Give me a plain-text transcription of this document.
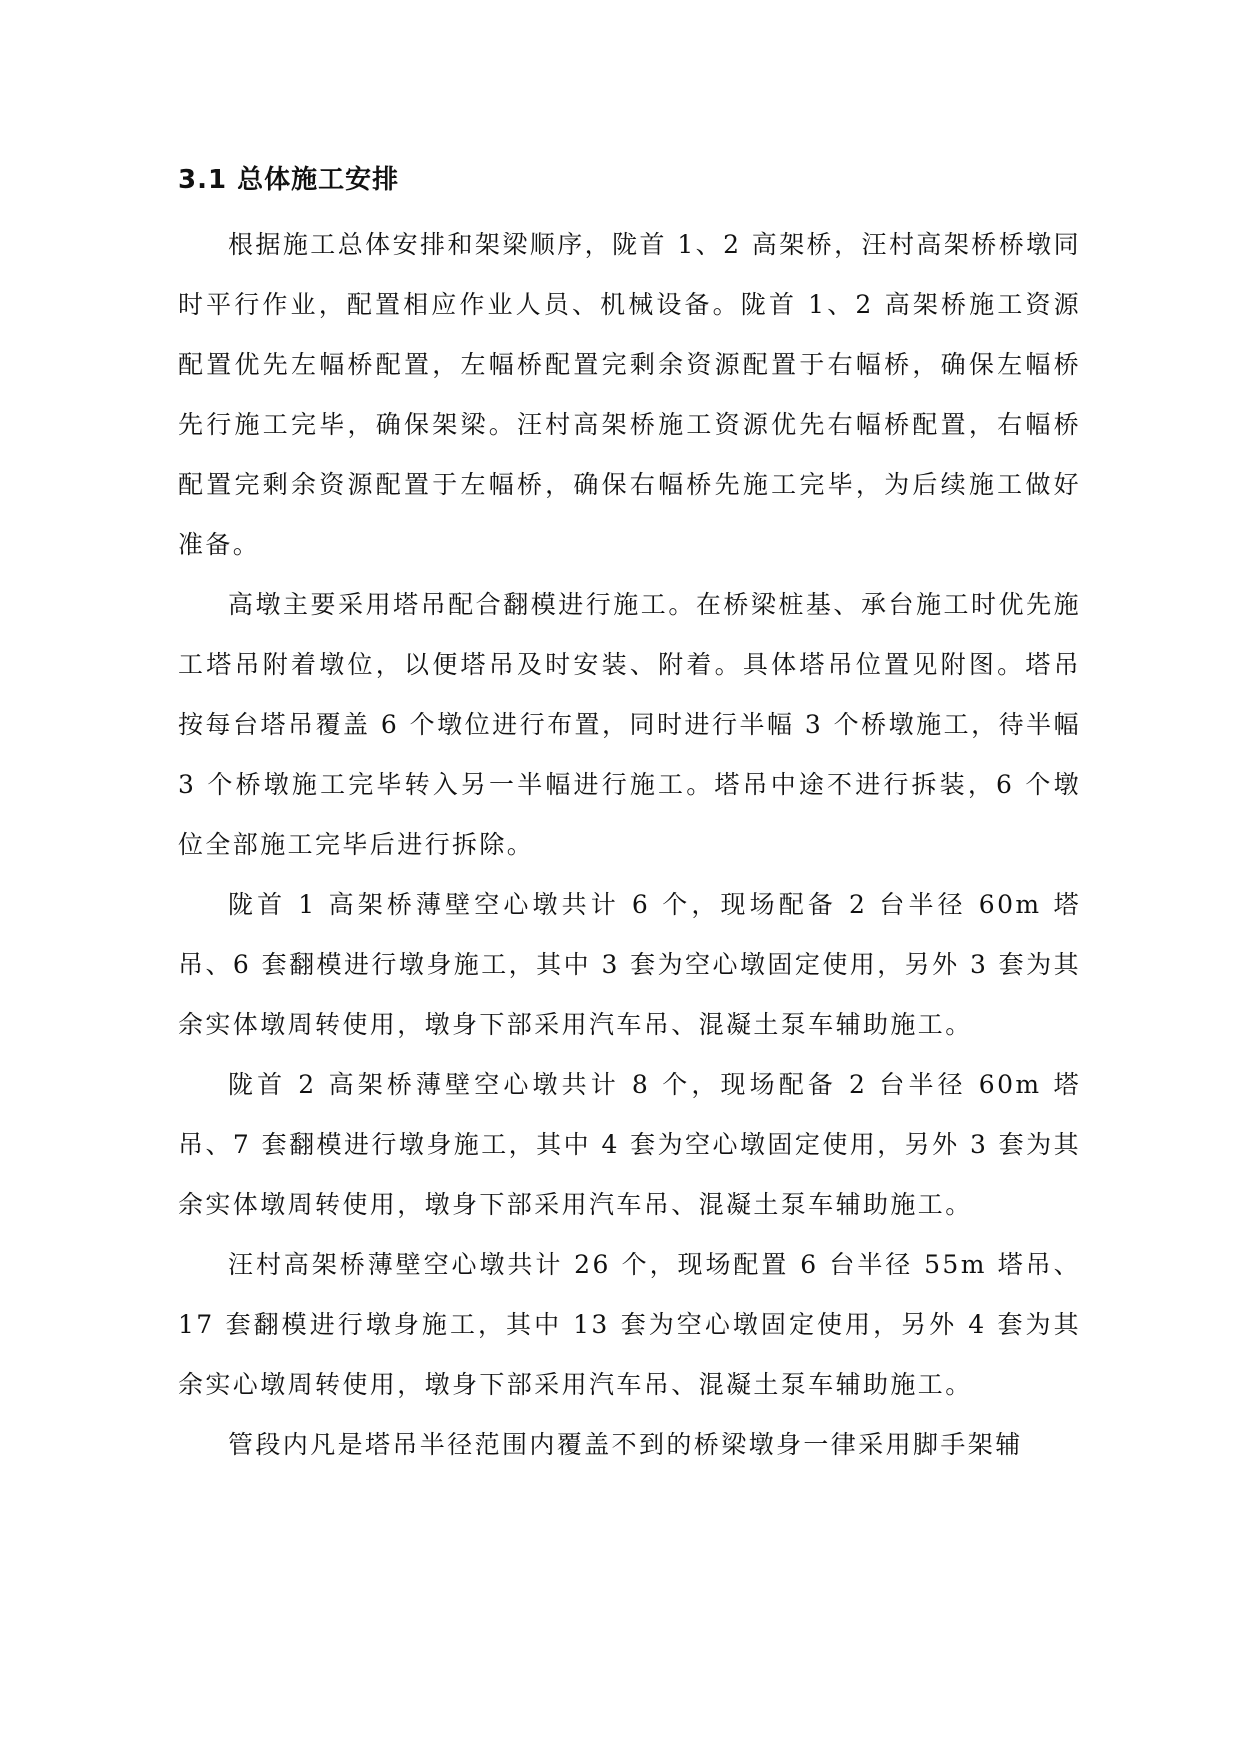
3.1 总体施工安排

根据施工总体安排和架梁顺序，陇首 1、2 高架桥，汪村高架桥桥墩同时平行作业，配置相应作业人员、机械设备。陇首 1、2 高架桥施工资源配置优先左幅桥配置，左幅桥配置完剩余资源配置于右幅桥，确保左幅桥先行施工完毕，确保架梁。汪村高架桥施工资源优先右幅桥配置，右幅桥配置完剩余资源配置于左幅桥，确保右幅桥先施工完毕，为后续施工做好准备。

高墩主要采用塔吊配合翻模进行施工。在桥梁桩基、承台施工时优先施工塔吊附着墩位，以便塔吊及时安装、附着。具体塔吊位置见附图。塔吊按每台塔吊覆盖 6 个墩位进行布置，同时进行半幅 3 个桥墩施工，待半幅 3 个桥墩施工完毕转入另一半幅进行施工。塔吊中途不进行拆装，6 个墩位全部施工完毕后进行拆除。

陇首 1 高架桥薄壁空心墩共计 6 个，现场配备 2 台半径 60m 塔吊、6 套翻模进行墩身施工，其中 3 套为空心墩固定使用，另外 3 套为其余实体墩周转使用，墩身下部采用汽车吊、混凝土泵车辅助施工。

陇首 2 高架桥薄壁空心墩共计 8 个，现场配备 2 台半径 60m 塔吊、7 套翻模进行墩身施工，其中 4 套为空心墩固定使用，另外 3 套为其余实体墩周转使用，墩身下部采用汽车吊、混凝土泵车辅助施工。

汪村高架桥薄壁空心墩共计 26 个，现场配置 6 台半径 55m 塔吊、17 套翻模进行墩身施工，其中 13 套为空心墩固定使用，另外 4 套为其余实心墩周转使用，墩身下部采用汽车吊、混凝土泵车辅助施工。

管段内凡是塔吊半径范围内覆盖不到的桥梁墩身一律采用脚手架辅
